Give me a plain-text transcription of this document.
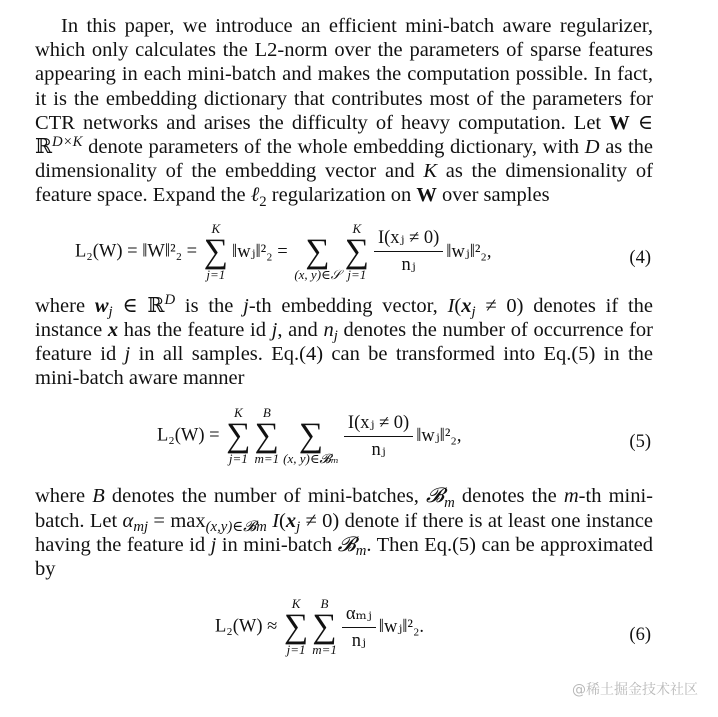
In this paper, we introduce an efficient mini-batch aware regularizer, which only calculates the L2-norm over the parameters of sparse features appearing in each mini-batch and makes the computation possible. In fact, it is the embedding dictionary that contributes most of the parameters for CTR networks and arises the difficulty of heavy computation. Let W ∈ ℝ$^{D\times K}$ denote parameters of the whole embedding dictionary, with D as the dimensionality of the embedding vector and K as the dimensionality of feature space. Expand the ℓ$_2$ regularization on W over samples

L₂(W) = ‖W‖²₂ =
K
∑
j=1
‖wⱼ‖²₂ =
∑
(x, y)∈𝒮
K
∑
$j=1 \frac{\text{I(xⱼ ≠ 0)}}{\text{nⱼ}}$ ‖wⱼ‖²₂,	(4)

where $w_j$ ∈ ℝ$^D$ is the j-th embedding vector, $I(x_j \ne 0)$ denotes if the instance x has the feature id j, and $n_j$ denotes the number of occurrence for feature id j in all samples. Eq.(4) can be transformed into Eq.(5) in the mini-batch aware manner

L₂(W) =
K
∑
j=1
B
∑
m=1

∑
(x, y)∈𝓑ₘ $\frac{\text{I(xⱼ ≠ 0)}}{\text{nⱼ}}$ ‖wⱼ‖²₂,	(5)

where B denotes the number of mini-batches, 𝓑$_m$ denotes the m-th mini-batch. Let $\alpha_{mj} = \max_{(x,y)\in 𝓑m} I(x_j \ne 0)$ denote if there is at least one instance having the feature id j in mini-batch 𝓑$_m$. Then Eq.(5) can be approximated by

L₂(W) ≈
K
∑
j=1
B
∑
$m=1 \frac{\text{αₘⱼ}}{\text{nⱼ}}$ ‖wⱼ‖²₂.	(6)
@稀土掘金技术社区
